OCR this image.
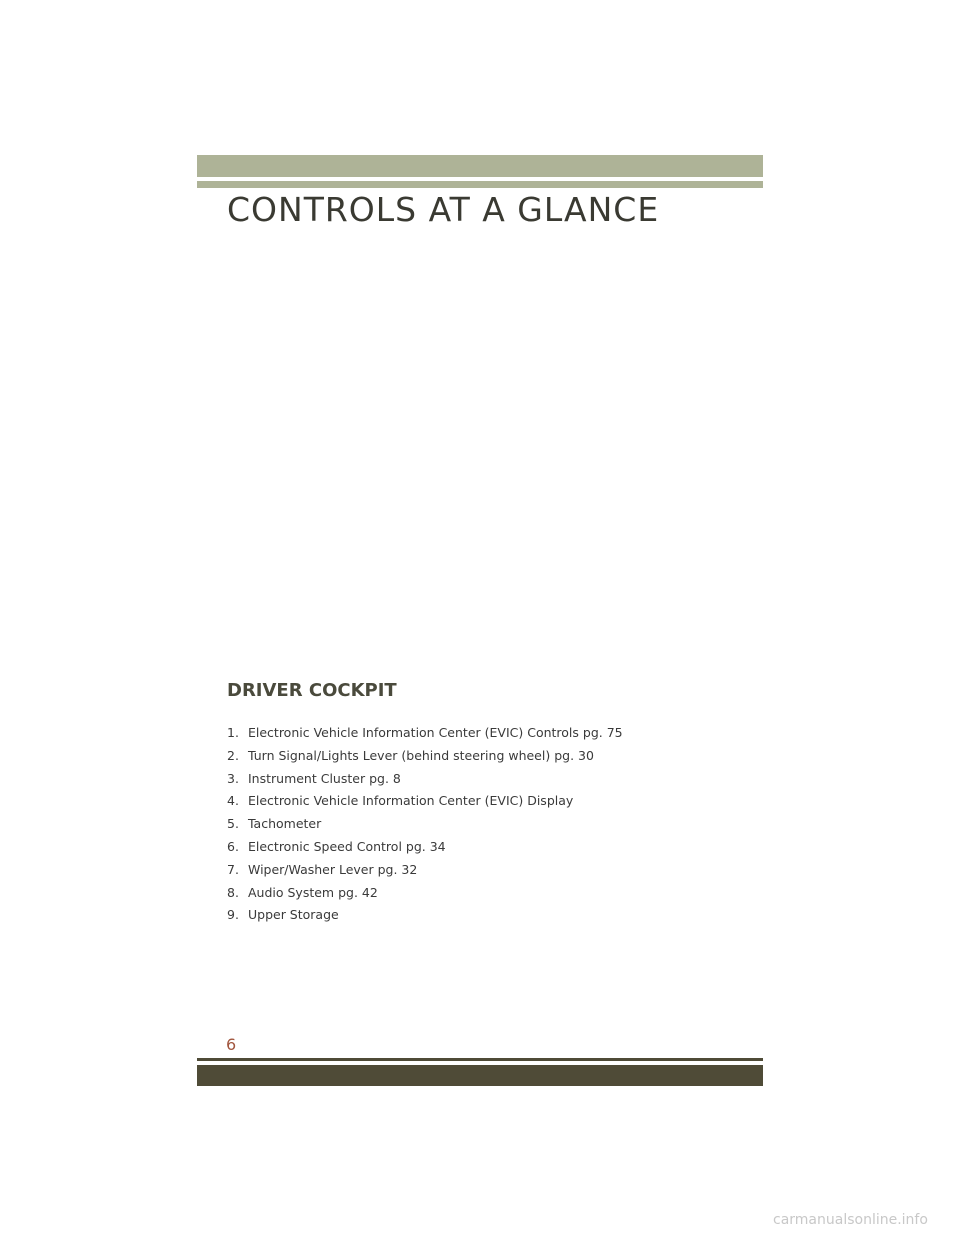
CONTROLS AT A GLANCE
DRIVER COCKPIT
1. Electronic Vehicle Information Center (EVIC) Controls pg. 75
2. Turn Signal/Lights Lever (behind steering wheel) pg. 30
3. Instrument Cluster pg. 8
4. Electronic Vehicle Information Center (EVIC) Display
5. Tachometer
6. Electronic Speed Control pg. 34
7. Wiper/Washer Lever pg. 32
8. Audio System pg. 42
9. Upper Storage
6
carmanualsonline.info
